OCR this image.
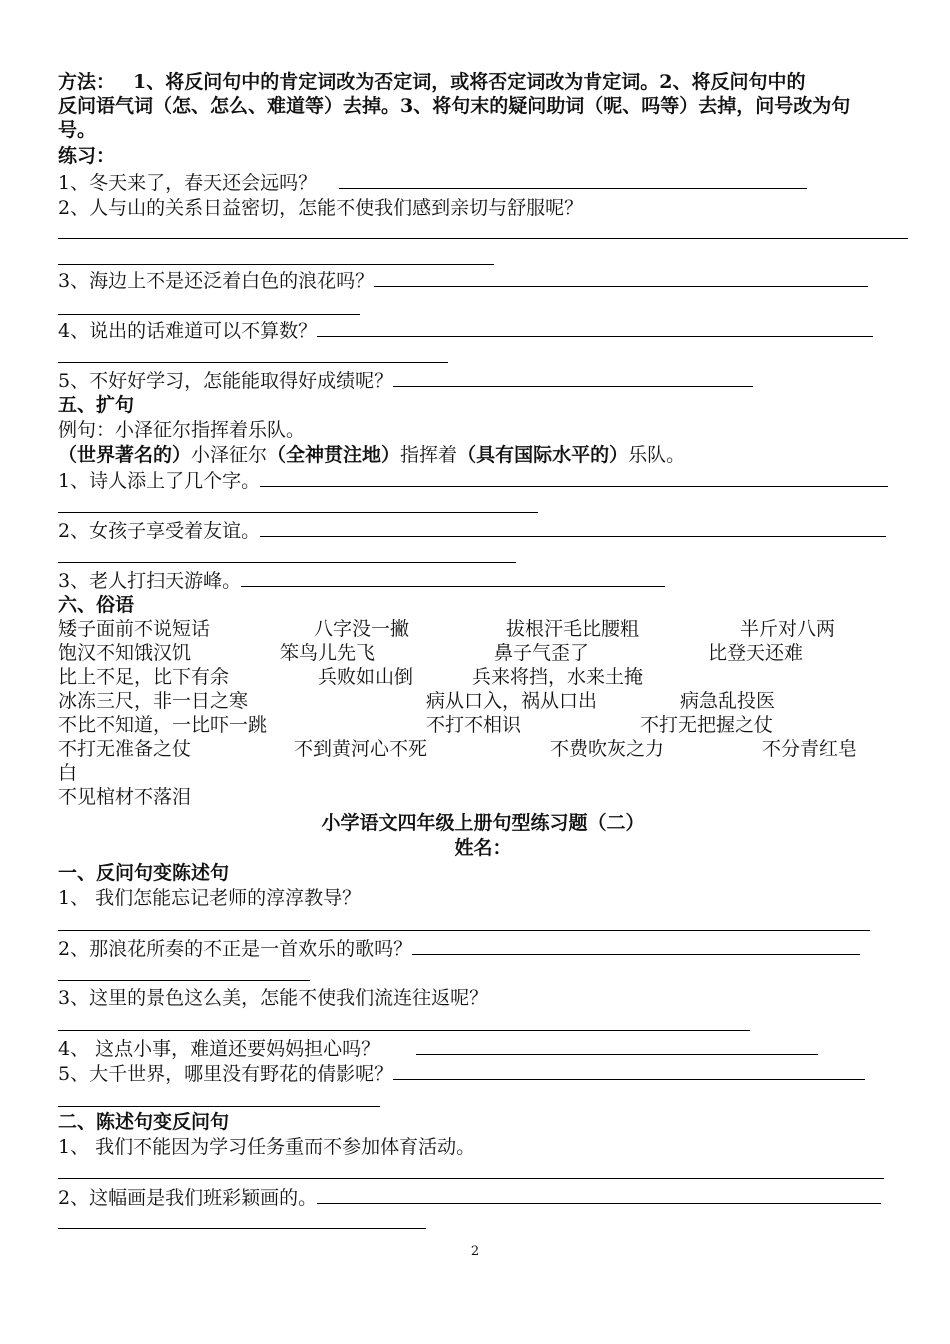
方法： 1、将反问句中的肯定词改为否定词，或将否定词改为肯定词。2、将反问句中的
反问语气词（怎、怎么、难道等）去掉。3、将句末的疑问助词（呢、吗等）去掉，问号改为句
号。
练习：
1、冬天来了，春天还会远吗？
2、人与山的关系日益密切，怎能不使我们感到亲切与舒服呢？
3、海边上不是还泛着白色的浪花吗？
4、说出的话难道可以不算数？
5、不好好学习，怎能能取得好成绩呢？
五、扩句
例句：小泽征尔指挥着乐队。
（世界著名的）小泽征尔（全神贯注地）指挥着（具有国际水平的）乐队。
1、诗人添上了几个字。
2、女孩子享受着友谊。
3、老人打扫天游峰。
六、俗语
矮子面前不说短话	八字没一撇	拔根汗毛比腰粗	半斤对八两
饱汉不知饿汉饥	笨鸟儿先飞	鼻子气歪了	比登天还难
比上不足，比下有余	兵败如山倒	兵来将挡，水来土掩
冰冻三尺，非一日之寒	病从口入，祸从口出	病急乱投医
不比不知道，一比吓一跳	不打不相识	不打无把握之仗
不打无准备之仗	不到黄河心不死	不费吹灰之力	不分青红皂
白
不见棺材不落泪
小学语文四年级上册句型练习题（二）
姓名：
一、反问句变陈述句
1、 我们怎能忘记老师的淳淳教导？
2、那浪花所奏的不正是一首欢乐的歌吗？
3、这里的景色这么美，怎能不使我们流连往返呢？
4、 这点小事，难道还要妈妈担心吗？
5、大千世界，哪里没有野花的倩影呢？
二、陈述句变反问句
1、 我们不能因为学习任务重而不参加体育活动。
2、这幅画是我们班彩颖画的。
2
